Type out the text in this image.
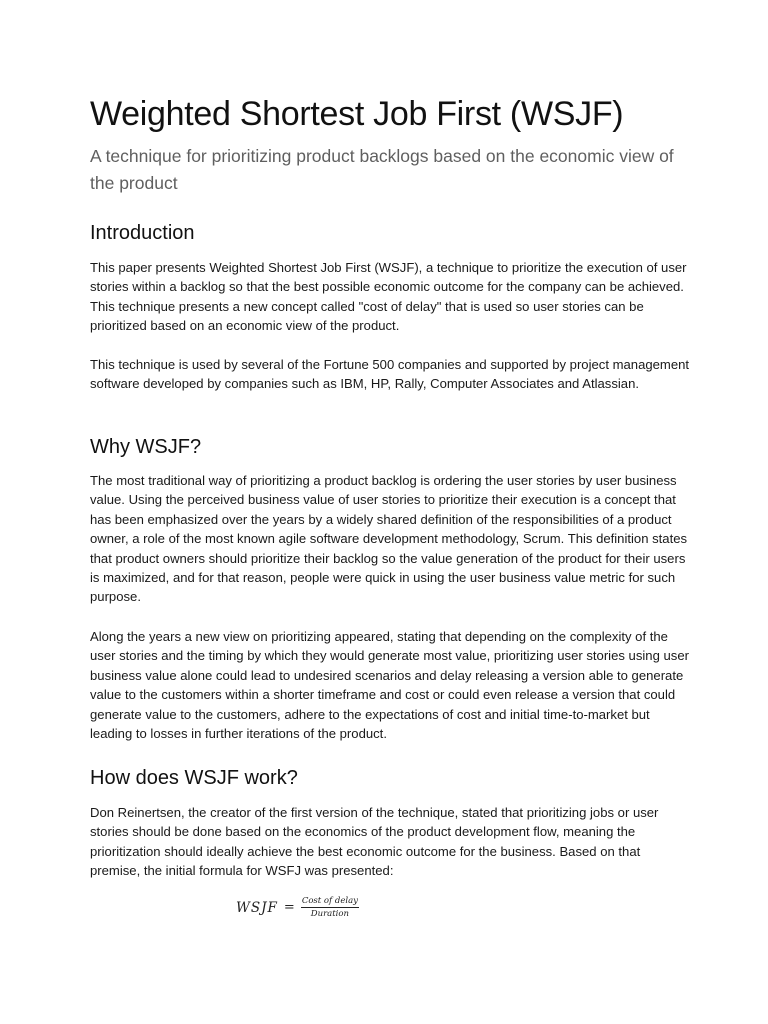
Weighted Shortest Job First (WSJF)
A technique for prioritizing product backlogs based on the economic view of the product
Introduction

This paper presents Weighted Shortest Job First (WSJF), a technique to prioritize the execution of user stories within a backlog so that the best possible economic outcome for the company can be achieved. This technique presents a new concept called "cost of delay" that is used so user stories can be prioritized based on an economic view of the product.

This technique is used by several of the Fortune 500 companies and supported by project management software developed by companies such as IBM, HP, Rally, Computer Associates and Atlassian.

Why WSJF?

The most traditional way of prioritizing a product backlog is ordering the user stories by user business value. Using the perceived business value of user stories to prioritize their execution is a concept that has been emphasized over the years by a widely shared definition of the responsibilities of a product owner, a role of the most known agile software development methodology, Scrum. This definition states that product owners should prioritize their backlog so the value generation of the product for their users is maximized, and for that reason, people were quick in using the user business value metric for such purpose.

Along the years a new view on prioritizing appeared, stating that depending on the complexity of the user stories and the timing by which they would generate most value, prioritizing user stories using user business value alone could lead to undesired scenarios and delay releasing a version able to generate value to the customers within a shorter timeframe and cost or could even release a version that could generate value to the customers, adhere to the expectations of cost and initial time-to-market but leading to losses in further iterations of the product.

How does WSJF work?

Don Reinertsen, the creator of the first version of the technique, stated that prioritizing jobs or user stories should be done based on the economics of the product development flow, meaning the prioritization should ideally achieve the best economic outcome for the business. Based on that premise, the initial formula for WSFJ was presented:

WSJF = $\frac{\text{Cost of delay}}{\text{Duration}}$
